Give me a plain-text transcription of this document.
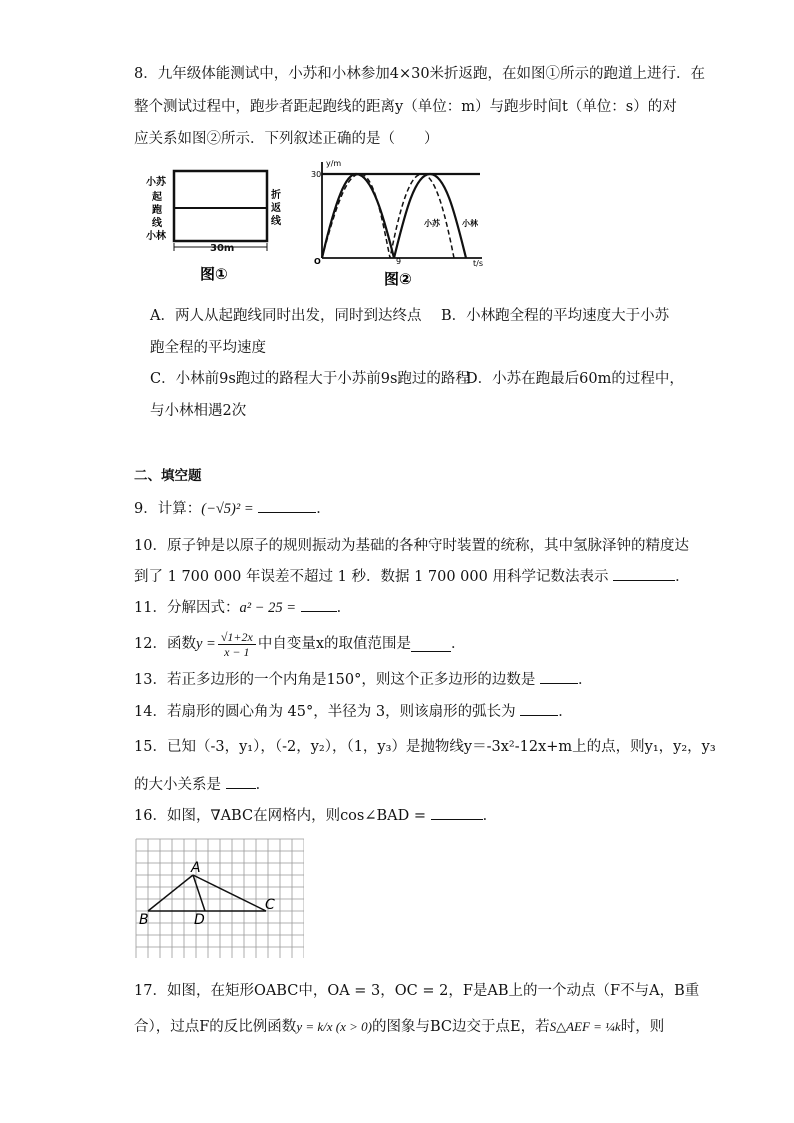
8．九年级体能测试中，小苏和小林参加4×30米折返跑，在如图①所示的跑道上进行．在
整个测试过程中，跑步者距起跑线的距离y（单位：m）与跑步时间t（单位：s）的对
应关系如图②所示．下列叙述正确的是（　　）
小苏
起
跑
线
小林
折
返
线
30m
图①
y/m
30
O	9	t/s
小苏	小林
图②
A．两人从起跑线同时出发，同时到达终点 B．小林跑全程的平均速度大于小苏
跑全程的平均速度
C．小林前9s跑过的路程大于小苏前9s跑过的路程
D．小苏在跑最后60m的过程中，
与小林相遇2次
二、填空题
9．计算：(−√5)² =	．
10．原子钟是以原子的规则振动为基础的各种守时装置的统称，其中氢脉泽钟的精度达
到了 1 700 000 年误差不超过 1 秒．数据 1 700 000 用科学记数法表示	．
11．分解因式：a² − 25 =	．
12．函数 $y = \frac{√1+2x}{x - 1}$ 中自变量x的取值范围是	．
13．若正多边形的一个内角是150°，则这个正多边形的边数是	．
14．若扇形的圆心角为 45°，半径为 3，则该扇形的弧长为	．
15．已知（-3，y₁），（-2，y₂），（1，y₃）是抛物线y＝-3x²-12x+m上的点，则y₁，y₂，y₃
的大小关系是 ．
16．如图，∇ABC在网格内，则cos∠BAD =	．
A
B
C
D
17．如图，在矩形OABC中，OA = 3，OC = 2，F是AB上的一个动点（F不与A，B重
合），过点F的反比例函数 y = k/x (x > 0) 的图象与BC边交于点E，若 S△AEF = ¼k 时，则
